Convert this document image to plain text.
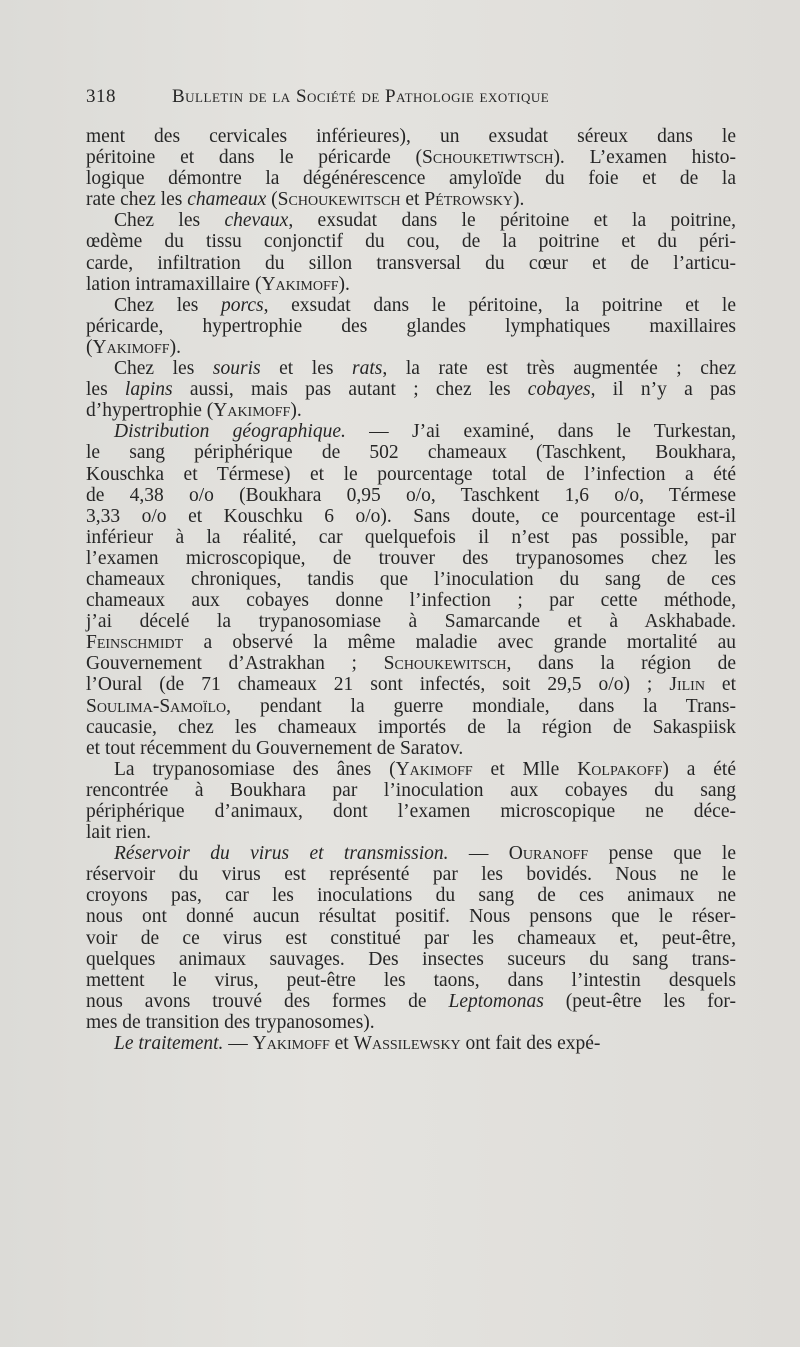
318	Bulletin de la Société de Pathologie exotique
ment des cervicales inférieures), un exsudat séreux dans le
péritoine et dans le péricarde (Schouketiwtsch). L’examen histo-
logique démontre la dégénérescence amyloïde du foie et de la
rate chez les chameaux (Schoukewitsch et Pétrowsky).
Chez les chevaux, exsudat dans le péritoine et la poitrine,
œdème du tissu conjonctif du cou, de la poitrine et du péri-
carde, infiltration du sillon transversal du cœur et de l’articu-
lation intramaxillaire (Yakimoff).
Chez les porcs, exsudat dans le péritoine, la poitrine et le
péricarde, hypertrophie des glandes lymphatiques maxillaires
(Yakimoff).
Chez les souris et les rats, la rate est très augmentée ; chez
les lapins aussi, mais pas autant ; chez les cobayes, il n’y a pas
d’hypertrophie (Yakimoff).
Distribution géographique. — J’ai examiné, dans le Turkestan,
le sang périphérique de 502 chameaux (Taschkent, Boukhara,
Kouschka et Térmese) et le pourcentage total de l’infection a été
de 4,38 o/o (Boukhara 0,95 o/o, Taschkent 1,6 o/o, Térmese
3,33 o/o et Kouschku 6 o/o). Sans doute, ce pourcentage est-il
inférieur à la réalité, car quelquefois il n’est pas possible, par
l’examen microscopique, de trouver des trypanosomes chez les
chameaux chroniques, tandis que l’inoculation du sang de ces
chameaux aux cobayes donne l’infection ; par cette méthode,
j’ai décelé la trypanosomiase à Samarcande et à Askhabade.
Feinschmidt a observé la même maladie avec grande mortalité au
Gouvernement d’Astrakhan ; Schoukewitsch, dans la région de
l’Oural (de 71 chameaux 21 sont infectés, soit 29,5 o/o) ; Jilin et
Soulima-Samoïlo, pendant la guerre mondiale, dans la Trans-
caucasie, chez les chameaux importés de la région de Sakaspiisk
et tout récemment du Gouvernement de Saratov.
La trypanosomiase des ânes (Yakimoff et Mlle Kolpakoff) a été
rencontrée à Boukhara par l’inoculation aux cobayes du sang
périphérique d’animaux, dont l’examen microscopique ne déce-
lait rien.
Réservoir du virus et transmission. — Ouranoff pense que le
réservoir du virus est représenté par les bovidés. Nous ne le
croyons pas, car les inoculations du sang de ces animaux ne
nous ont donné aucun résultat positif. Nous pensons que le réser-
voir de ce virus est constitué par les chameaux et, peut-être,
quelques animaux sauvages. Des insectes suceurs du sang trans-
mettent le virus, peut-être les taons, dans l’intestin desquels
nous avons trouvé des formes de Leptomonas (peut-être les for-
mes de transition des trypanosomes).
Le traitement. — Yakimoff et Wassilewsky ont fait des expé-
